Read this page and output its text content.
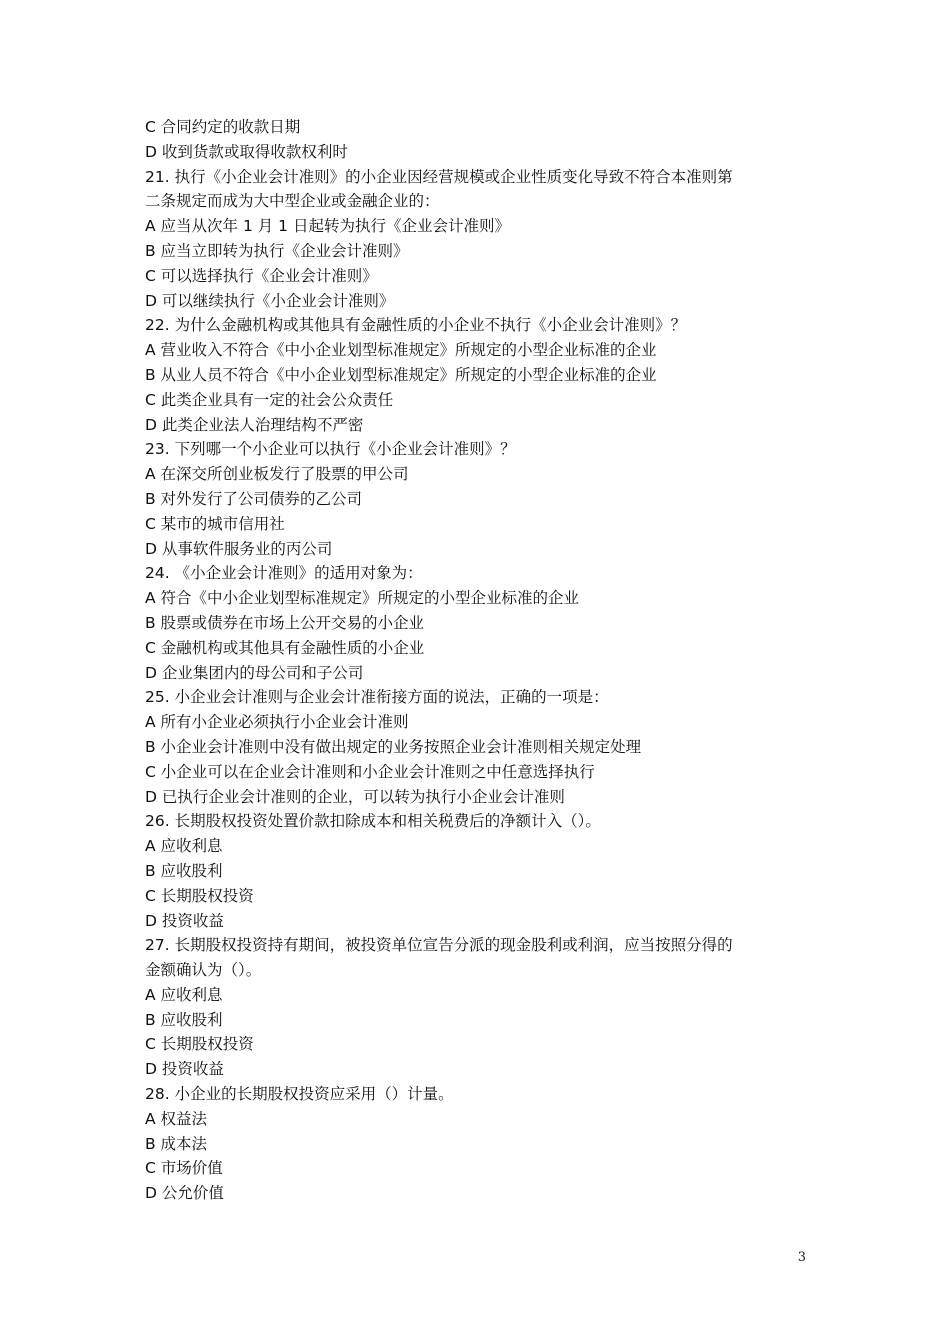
C 合同约定的收款日期
D 收到货款或取得收款权利时
21. 执行《小企业会计准则》的小企业因经营规模或企业性质变化导致不符合本准则第
二条规定而成为大中型企业或金融企业的：
A 应当从次年 1 月 1 日起转为执行《企业会计准则》
B 应当立即转为执行《企业会计准则》
C 可以选择执行《企业会计准则》
D 可以继续执行《小企业会计准则》
22. 为什么金融机构或其他具有金融性质的小企业不执行《小企业会计准则》？
A 营业收入不符合《中小企业划型标准规定》所规定的小型企业标准的企业
B 从业人员不符合《中小企业划型标准规定》所规定的小型企业标准的企业
C 此类企业具有一定的社会公众责任
D 此类企业法人治理结构不严密
23. 下列哪一个小企业可以执行《小企业会计准则》？
A 在深交所创业板发行了股票的甲公司
B 对外发行了公司债券的乙公司
C 某市的城市信用社
D 从事软件服务业的丙公司
24. 《小企业会计准则》的适用对象为：
A 符合《中小企业划型标准规定》所规定的小型企业标准的企业
B 股票或债券在市场上公开交易的小企业
C 金融机构或其他具有金融性质的小企业
D 企业集团内的母公司和子公司
25. 小企业会计准则与企业会计准衔接方面的说法，正确的一项是：
A 所有小企业必须执行小企业会计准则
B 小企业会计准则中没有做出规定的业务按照企业会计准则相关规定处理
C 小企业可以在企业会计准则和小企业会计准则之中任意选择执行
D 已执行企业会计准则的企业，可以转为执行小企业会计准则
26. 长期股权投资处置价款扣除成本和相关税费后的净额计入（）。
A 应收利息
B 应收股利
C 长期股权投资
D 投资收益
27. 长期股权投资持有期间，被投资单位宣告分派的现金股利或利润，应当按照分得的
金额确认为（）。
A 应收利息
B 应收股利
C 长期股权投资
D 投资收益
28. 小企业的长期股权投资应采用（）计量。
A 权益法
B 成本法
C 市场价值
D 公允价值
3
